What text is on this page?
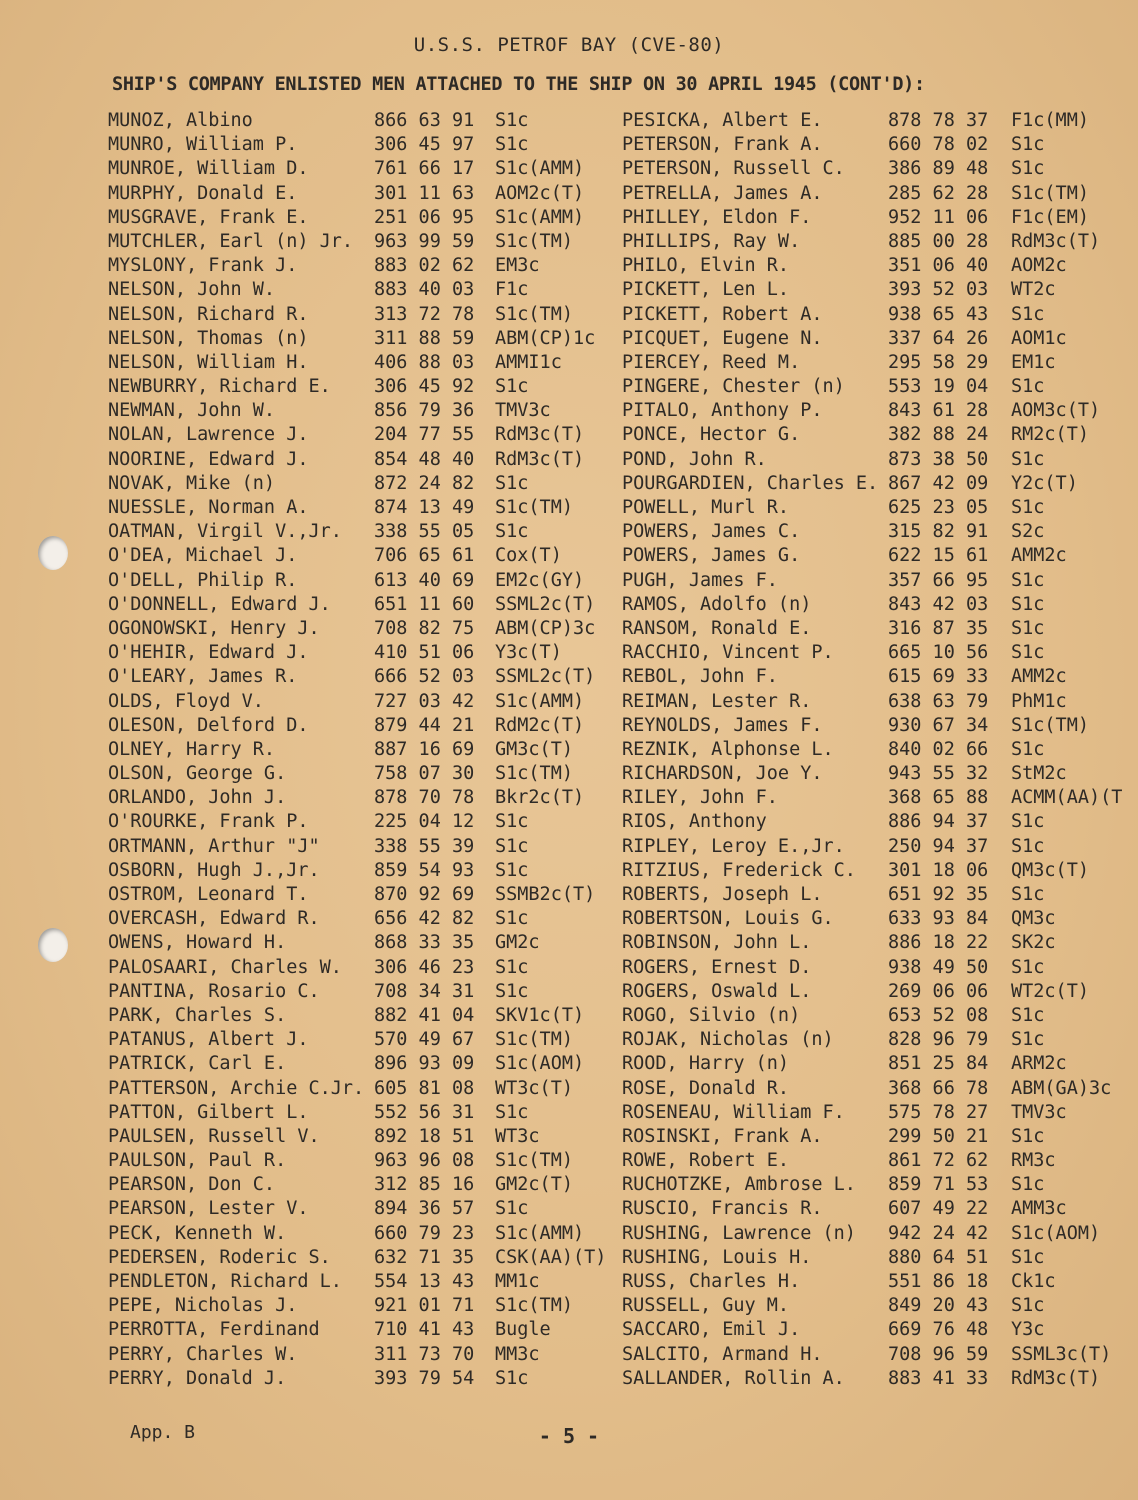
U.S.S. PETROF BAY (CVE-80)
SHIP'S COMPANY ENLISTED MEN ATTACHED TO THE SHIP ON 30 APRIL 1945 (CONT'D):
MUNOZ, Albino	866 63 91 S1c
MUNRO, William P.	306 45 97 S1c
MUNROE, William D.	761 66 17 S1c(AMM)
MURPHY, Donald E.	301 11 63 AOM2c(T)
MUSGRAVE, Frank E.	251 06 95 S1c(AMM)
MUTCHLER, Earl (n) Jr. 963 99 59 S1c(TM)
MYSLONY, Frank J.	883 02 62 EM3c
NELSON, John W.	883 40 03 F1c
NELSON, Richard R.	313 72 78 S1c(TM)
NELSON, Thomas (n)	311 88 59 ABM(CP)1c
NELSON, William H.	406 88 03 AMMI1c
NEWBURRY, Richard E. 306 45 92 S1c
NEWMAN, John W.	856 79 36 TMV3c
NOLAN, Lawrence J.	204 77 55 RdM3c(T)
NOORINE, Edward J.	854 48 40 RdM3c(T)
NOVAK, Mike (n)	872 24 82 S1c
NUESSLE, Norman A.	874 13 49 S1c(TM)
OATMAN, Virgil V.,Jr. 338 55 05 S1c
O'DEA, Michael J.	706 65 61 Cox(T)
O'DELL, Philip R.	613 40 69 EM2c(GY)
O'DONNELL, Edward J. 651 11 60 SSML2c(T)
OGONOWSKI, Henry J.	708 82 75 ABM(CP)3c
O'HEHIR, Edward J.	410 51 06 Y3c(T)
O'LEARY, James R.	666 52 03 SSML2c(T)
OLDS, Floyd V.	727 03 42 S1c(AMM)
OLESON, Delford D.	879 44 21 RdM2c(T)
OLNEY, Harry R.	887 16 69 GM3c(T)
OLSON, George G.	758 07 30 S1c(TM)
ORLANDO, John J.	878 70 78 Bkr2c(T)
O'ROURKE, Frank P.	225 04 12 S1c
ORTMANN, Arthur "J"	338 55 39 S1c
OSBORN, Hugh J.,Jr.	859 54 93 S1c
OSTROM, Leonard T.	870 92 69 SSMB2c(T)
OVERCASH, Edward R.	656 42 82 S1c
OWENS, Howard H.	868 33 35 GM2c
PALOSAARI, Charles W. 306 46 23 S1c
PANTINA, Rosario C.	708 34 31 S1c
PARK, Charles S.	882 41 04 SKV1c(T)
PATANUS, Albert J.	570 49 67 S1c(TM)
PATRICK, Carl E.	896 93 09 S1c(AOM)
PATTERSON, Archie C.Jr. 605 81 08 WT3c(T)
PATTON, Gilbert L.	552 56 31 S1c
PAULSEN, Russell V.	892 18 51 WT3c
PAULSON, Paul R.	963 96 08 S1c(TM)
PEARSON, Don C.	312 85 16 GM2c(T)
PEARSON, Lester V.	894 36 57 S1c
PECK, Kenneth W.	660 79 23 S1c(AMM)
PEDERSEN, Roderic S. 632 71 35 CSK(AA)(T)
PENDLETON, Richard L. 554 13 43 MM1c
PEPE, Nicholas J.	921 01 71 S1c(TM)
PERROTTA, Ferdinand	710 41 43 Bugle
PERRY, Charles W.	311 73 70 MM3c
PERRY, Donald J.	393 79 54 S1c
PESICKA, Albert E.	878 78 37 F1c(MM)
PETERSON, Frank A.	660 78 02 S1c
PETERSON, Russell C. 386 89 48 S1c
PETRELLA, James A.	285 62 28 S1c(TM)
PHILLEY, Eldon F.	952 11 06 F1c(EM)
PHILLIPS, Ray W.	885 00 28 RdM3c(T)
PHILO, Elvin R.	351 06 40 AOM2c
PICKETT, Len L.	393 52 03 WT2c
PICKETT, Robert A.	938 65 43 S1c
PICQUET, Eugene N.	337 64 26 AOM1c
PIERCEY, Reed M.	295 58 29 EM1c
PINGERE, Chester (n) 553 19 04 S1c
PITALO, Anthony P.	843 61 28 AOM3c(T)
PONCE, Hector G.	382 88 24 RM2c(T)
POND, John R.	873 38 50 S1c
POURGARDIEN, Charles E. 867 42 09 Y2c(T)
POWELL, Murl R.	625 23 05 S1c
POWERS, James C.	315 82 91 S2c
POWERS, James G.	622 15 61 AMM2c
PUGH, James F.	357 66 95 S1c
RAMOS, Adolfo (n)	843 42 03 S1c
RANSOM, Ronald E.	316 87 35 S1c
RACCHIO, Vincent P.	665 10 56 S1c
REBOL, John F.	615 69 33 AMM2c
REIMAN, Lester R.	638 63 79 PhM1c
REYNOLDS, James F.	930 67 34 S1c(TM)
REZNIK, Alphonse L.	840 02 66 S1c
RICHARDSON, Joe Y.	943 55 32 StM2c
RILEY, John F.	368 65 88 ACMM(AA)(T
RIOS, Anthony	886 94 37 S1c
RIPLEY, Leroy E.,Jr. 250 94 37 S1c
RITZIUS, Frederick C. 301 18 06 QM3c(T)
ROBERTS, Joseph L.	651 92 35 S1c
ROBERTSON, Louis G.	633 93 84 QM3c
ROBINSON, John L.	886 18 22 SK2c
ROGERS, Ernest D.	938 49 50 S1c
ROGERS, Oswald L.	269 06 06 WT2c(T)
ROGO, Silvio (n)	653 52 08 S1c
ROJAK, Nicholas (n)	828 96 79 S1c
ROOD, Harry (n)	851 25 84 ARM2c
ROSE, Donald R.	368 66 78 ABM(GA)3c
ROSENEAU, William F. 575 78 27 TMV3c
ROSINSKI, Frank A.	299 50 21 S1c
ROWE, Robert E.	861 72 62 RM3c
RUCHOTZKE, Ambrose L. 859 71 53 S1c
RUSCIO, Francis R.	607 49 22 AMM3c
RUSHING, Lawrence (n) 942 24 42 S1c(AOM)
RUSHING, Louis H.	880 64 51 S1c
RUSS, Charles H.	551 86 18 Ck1c
RUSSELL, Guy M.	849 20 43 S1c
SACCARO, Emil J.	669 76 48 Y3c
SALCITO, Armand H.	708 96 59 SSML3c(T)
SALLANDER, Rollin A. 883 41 33 RdM3c(T)
App. B	- 5 -
